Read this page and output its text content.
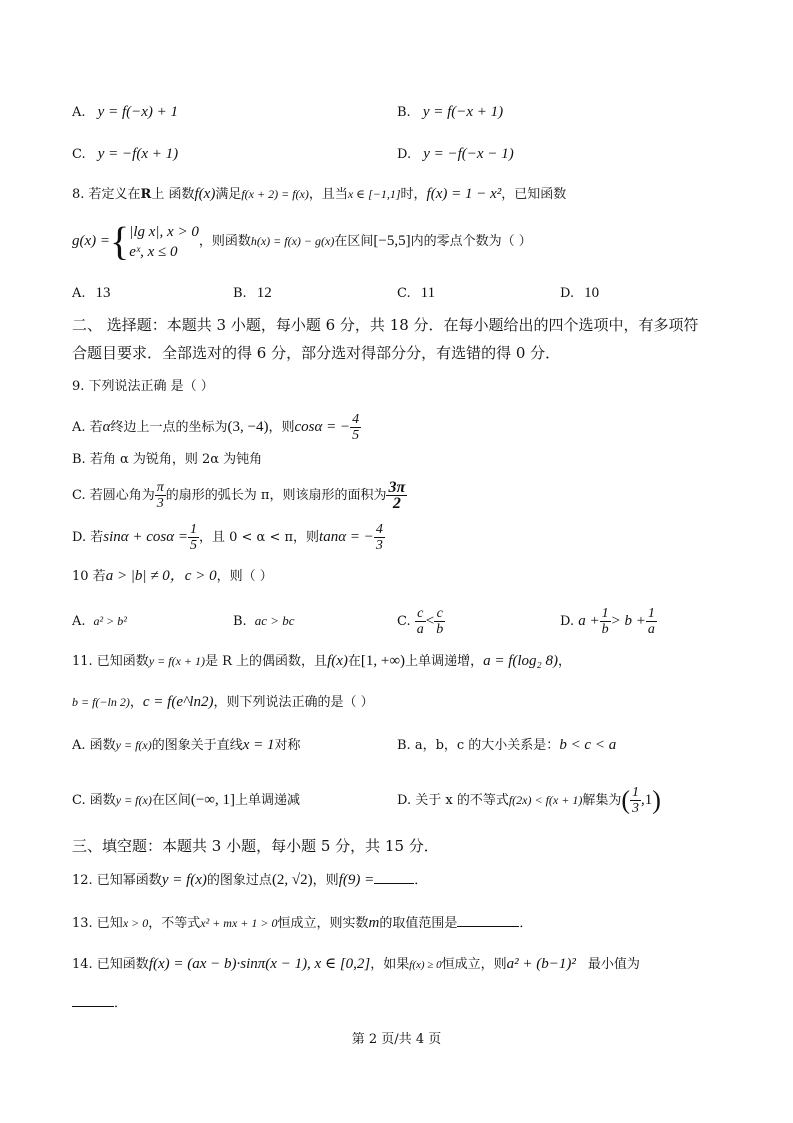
A. y = f(−x) + 1	B. y = f(−x + 1)
C. y = −f(x + 1)	D. y = −f(−x − 1)
8. 若定义在R上 函数f(x)满足f(x + 2) = f(x)，且当x ∈ [−1,1]时，f(x) = 1 − x²，已知函数
g(x) ={ |lg x|, x > 0
eˣ, x ≤ 0
，则函数h(x) = f(x) − g(x)在区间[−5,5]内的零点个数为（ ）
A. 13	B. 12	C. 11	D. 10
二、 选择题：本题共 3 小题，每小题 6 分，共 18 分．在每小题给出的四个选项中，有多项符
合题目要求．全部选对的得 6 分，部分选对得部分分，有选错的得 0 分．
9. 下列说法正确 是（ ）
A. 若α终边上一点的坐标为(3, −4)，则cosα = − $\frac{4}{5}$
B. 若角 α 为锐角，则 2α 为钝角
C. 若圆心角为 $\frac{\pi}{3}$ 的扇形的弧长为 π，则该扇形的面积为 $\frac{3\pi}{2}$
D. 若$\sin\alpha + \cos\alpha = \frac{1}{5}$ ，且 0 < α < π，则tanα = − $\frac{4}{3}$
10 若a > |b| ≠ 0，c > 0，则（ ）
A. a² > b²	B. ac > bc	C. $\frac{c}{a} < \frac{c}{b}$	D. $a + \frac{1}{b} > b + \frac{1}{a}$
11. 已知函数y = f(x + 1)是 R 上的偶函数，且f(x)在[1, +∞)上单调递增，a = f(log₂ 8)，
b = f(−ln 2)，c = f(e^ln2)，则下列说法正确的是（ ）
A. 函数y = f(x)的图象关于直线x = 1对称	B. a，b，c 的大小关系是：b < c < a
C. 函数y = f(x)在区间(−∞, 1]上单调递减	D. 关于 x 的不等式f(2x) < f(x + 1)解集为( $\frac{1}{3} ,1$)
三、填空题：本题共 3 小题，每小题 5 分，共 15 分．
12. 已知幂函数y = f(x)的图象过点(2, √2)，则f(9) =	．
13. 已知x > 0，不等式x² + mx + 1 > 0恒成立，则实数m的取值范围是	．
14. 已知函数f(x) = (ax − b)·sinπ(x − 1), x ∈ [0,2]，如果f(x) ≥ 0恒成立，则a² + (b−1)² 最小值为
．
第 2 页/共 4 页
